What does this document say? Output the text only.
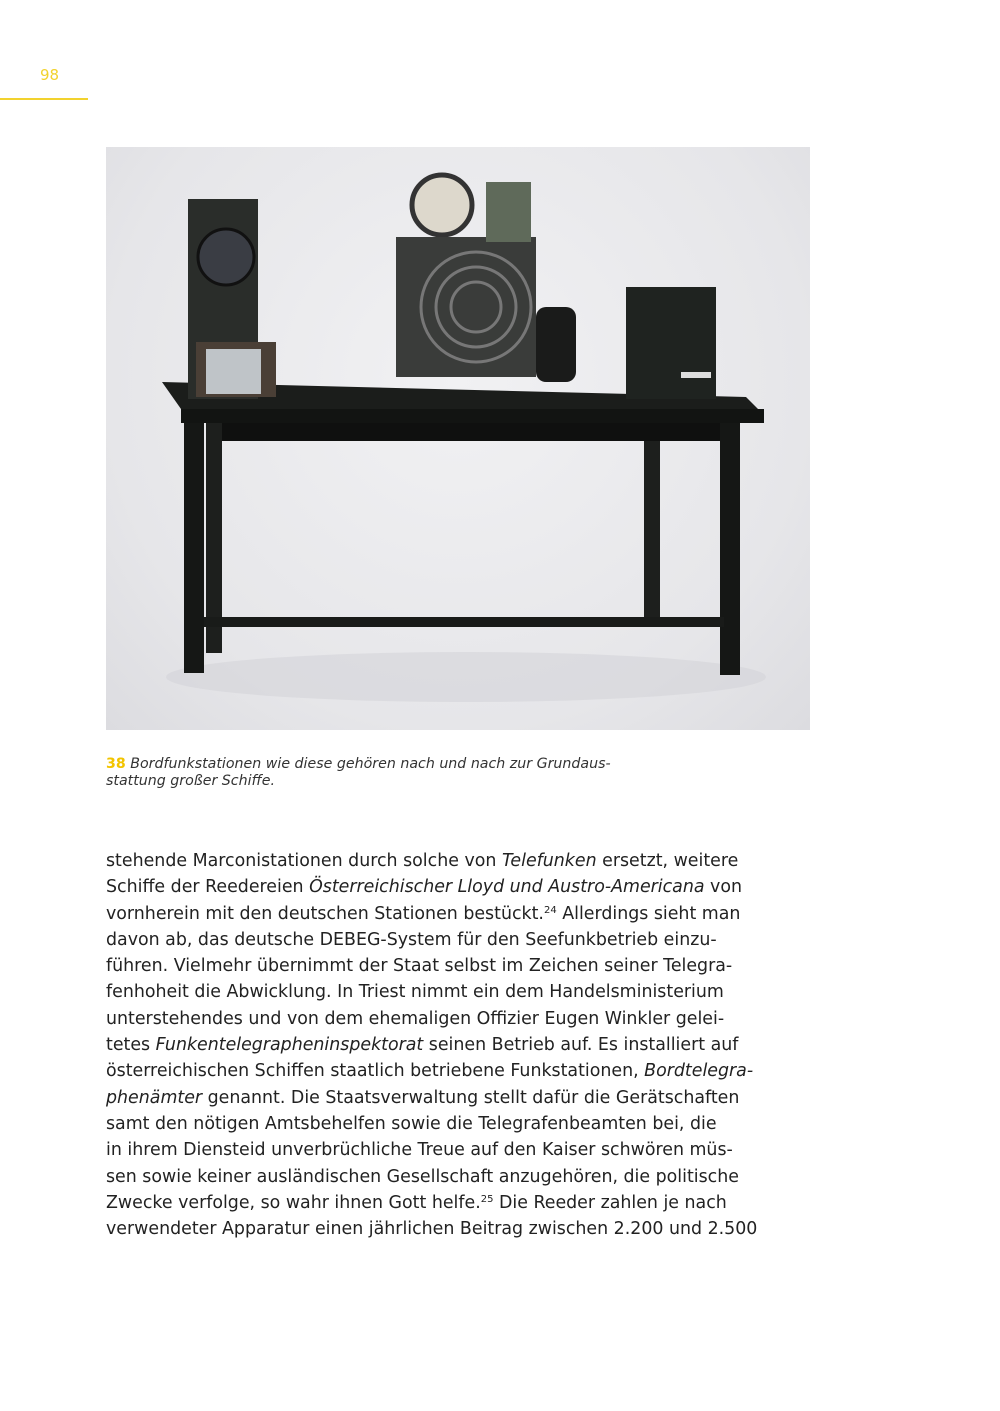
98
38 Bordfunkstationen wie diese gehören nach und nach zur Grundaus-
stattung großer Schiffe.
stehende Marconistationen durch solche von Telefunken ersetzt, weitere
Schiffe der Reedereien Österreichischer Lloyd und Austro-Americana von
vornherein mit den deutschen Stationen bestückt.$^{24}$ Allerdings sieht man
davon ab, das deutsche DEBEG-System für den Seefunkbetrieb einzu-
führen. Vielmehr übernimmt der Staat selbst im Zeichen seiner Telegra-
fenhoheit die Abwicklung. In Triest nimmt ein dem Handelsministerium
unterstehendes und von dem ehemaligen Offizier Eugen Winkler gelei-
tetes Funkentelegrapheninspektorat seinen Betrieb auf. Es installiert auf
österreichischen Schiffen staatlich betriebene Funkstationen, Bordtelegra-
phenämter genannt. Die Staatsverwaltung stellt dafür die Gerätschaften
samt den nötigen Amtsbehelfen sowie die Telegrafenbeamten bei, die
in ihrem Diensteid unverbrüchliche Treue auf den Kaiser schwören müs-
sen sowie keiner ausländischen Gesellschaft anzugehören, die politische
Zwecke verfolge, so wahr ihnen Gott helfe.$^{25}$ Die Reeder zahlen je nach
verwendeter Apparatur einen jährlichen Beitrag zwischen 2.200 und 2.500
